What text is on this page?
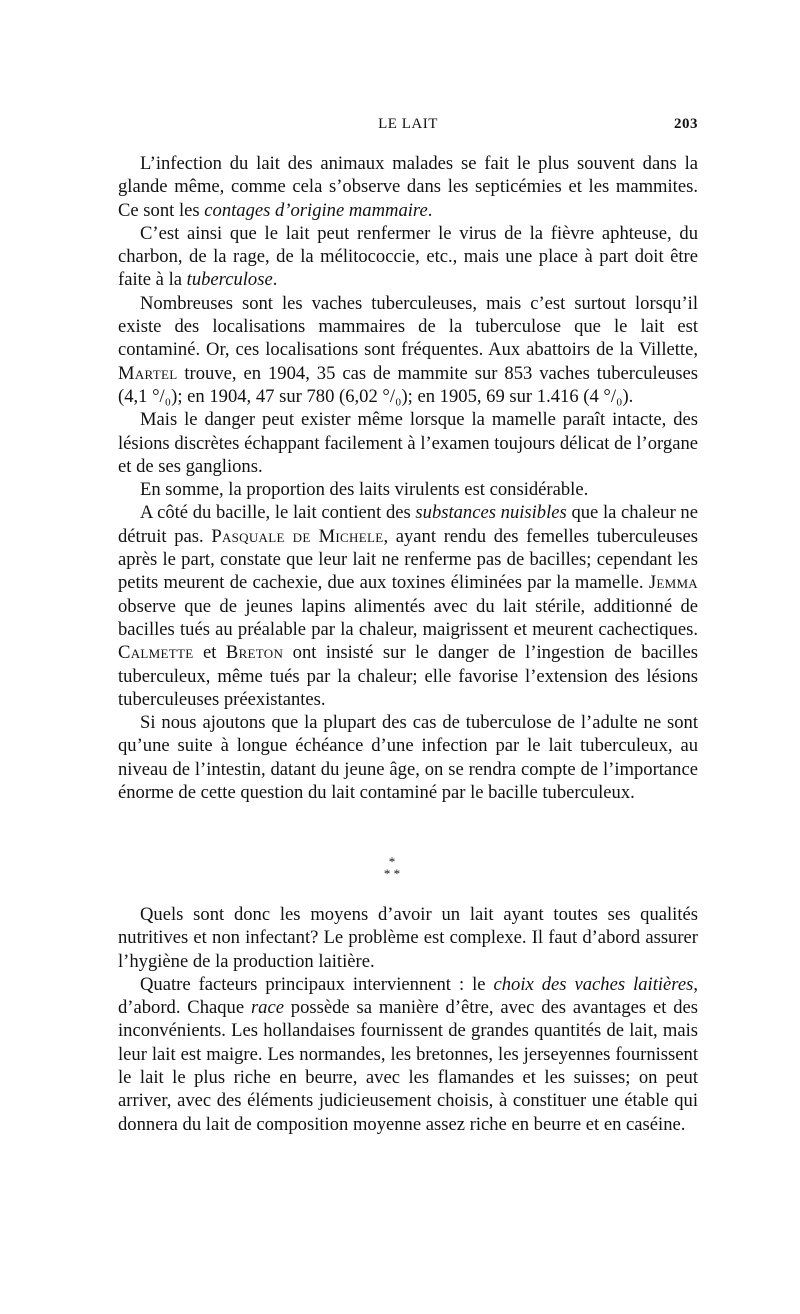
LE LAIT	203

L’infection du lait des animaux malades se fait le plus souvent dans la glande même, comme cela s’observe dans les septicémies et les mammites. Ce sont les contages d’origine mammaire.

C’est ainsi que le lait peut renfermer le virus de la fièvre aphteuse, du charbon, de la rage, de la mélitococcie, etc., mais une place à part doit être faite à la tuberculose.

Nombreuses sont les vaches tuberculeuses, mais c’est surtout lorsqu’il existe des localisations mammaires de la tuberculose que le lait est contaminé. Or, ces localisations sont fréquentes. Aux abattoirs de la Villette, Martel trouve, en 1904, 35 cas de mammite sur 853 vaches tuberculeuses (4,1 °/₀); en 1904, 47 sur 780 (6,02 °/₀); en 1905, 69 sur 1.416 (4 °/₀).

Mais le danger peut exister même lorsque la mamelle paraît intacte, des lésions discrètes échappant facilement à l’examen toujours délicat de l’organe et de ses ganglions.

En somme, la proportion des laits virulents est considérable.

A côté du bacille, le lait contient des substances nuisibles que la chaleur ne détruit pas. Pasquale de Michele, ayant rendu des femelles tuberculeuses après le part, constate que leur lait ne renferme pas de bacilles; cependant les petits meurent de cachexie, due aux toxines éliminées par la mamelle. Jemma observe que de jeunes lapins alimentés avec du lait stérile, additionné de bacilles tués au préalable par la chaleur, maigrissent et meurent cachectiques. Calmette et Breton ont insisté sur le danger de l’ingestion de bacilles tuberculeux, même tués par la chaleur; elle favorise l’extension des lésions tuberculeuses préexistantes.

Si nous ajoutons que la plupart des cas de tuberculose de l’adulte ne sont qu’une suite à longue échéance d’une infection par le lait tuberculeux, au niveau de l’intestin, datant du jeune âge, on se rendra compte de l’importance énorme de cette question du lait contaminé par le bacille tuberculeux.

*
* *

Quels sont donc les moyens d’avoir un lait ayant toutes ses qualités nutritives et non infectant? Le problème est complexe. Il faut d’abord assurer l’hygiène de la production laitière.

Quatre facteurs principaux interviennent : le choix des vaches laitières, d’abord. Chaque race possède sa manière d’être, avec des avantages et des inconvénients. Les hollandaises fournissent de grandes quantités de lait, mais leur lait est maigre. Les normandes, les bretonnes, les jerseyennes fournissent le lait le plus riche en beurre, avec les flamandes et les suisses; on peut arriver, avec des éléments judicieusement choisis, à constituer une étable qui donnera du lait de composition moyenne assez riche en beurre et en caséine.
